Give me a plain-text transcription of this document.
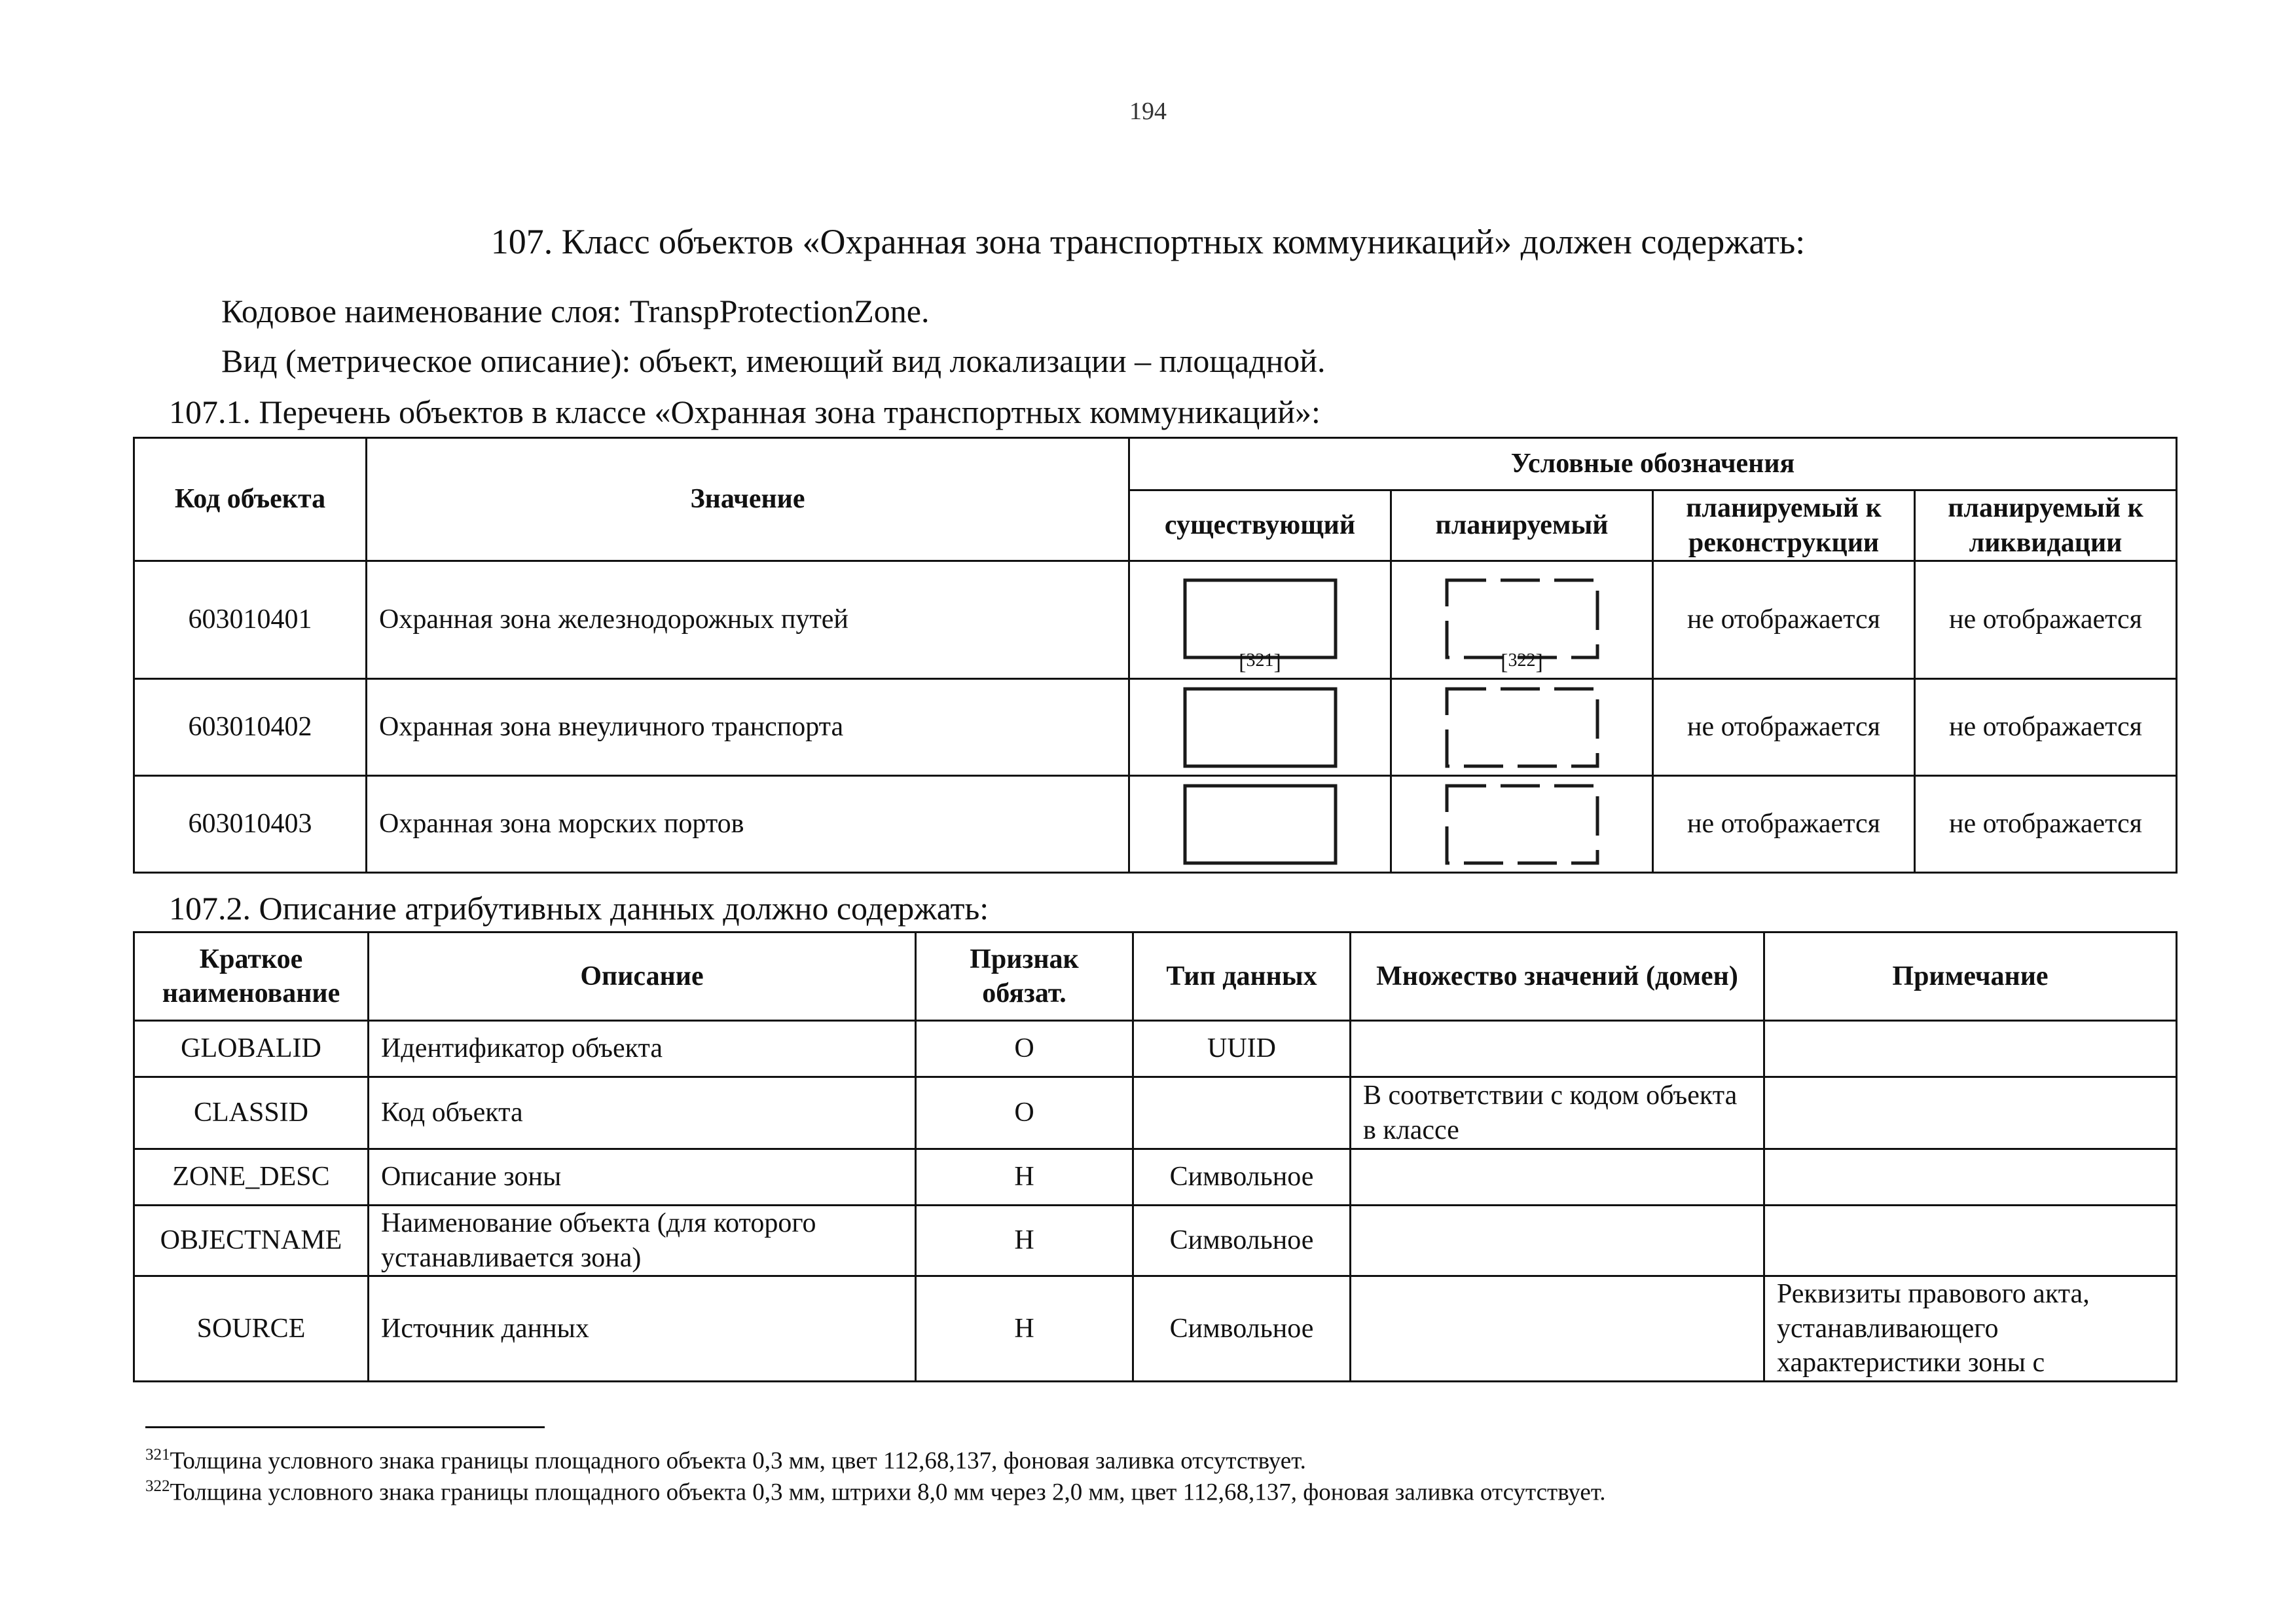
194
107. Класс объектов «Охранная зона транспортных коммуникаций» должен содержать:
Кодовое наименование слоя: TranspProtectionZone.
Вид (метрическое описание): объект, имеющий вид локализации – площадной.
107.1. Перечень объектов в классе «Охранная зона транспортных коммуникаций»:
Код объекта	Значение	Условные обозначения			
		существующий	планируемый	планируемый к реконструкции	планируемый к ликвидации
603010401	Охранная зона железнодорожных путей	[$^{321}$]	[$^{322}$]	не отображается	не отображается
603010402	Охранная зона внеуличного транспорта			не отображается	не отображается
603010403	Охранная зона морских портов			не отображается	не отображается
107.2. Описание атрибутивных данных должно содержать:
Краткое наименование	Описание	Признак обязат.	Тип данных	Множество значений (домен)	Примечание
GLOBALID	Идентификатор объекта	О	UUID		
CLASSID	Код объекта	О		В соответствии с кодом объекта в классе	
ZONE_DESC	Описание зоны	Н	Символьное		
OBJECTNAME	Наименование объекта (для которого устанавливается зона)	Н	Символьное		
SOURCE	Источник данных	Н	Символьное		Реквизиты правового акта, устанавливающего характеристики зоны с
$^{321}$Толщина условного знака границы площадного объекта 0,3 мм, цвет 112,68,137, фоновая заливка отсутствует.
$^{322}$Толщина условного знака границы площадного объекта 0,3 мм, штрихи 8,0 мм через 2,0 мм, цвет 112,68,137, фоновая заливка отсутствует.
